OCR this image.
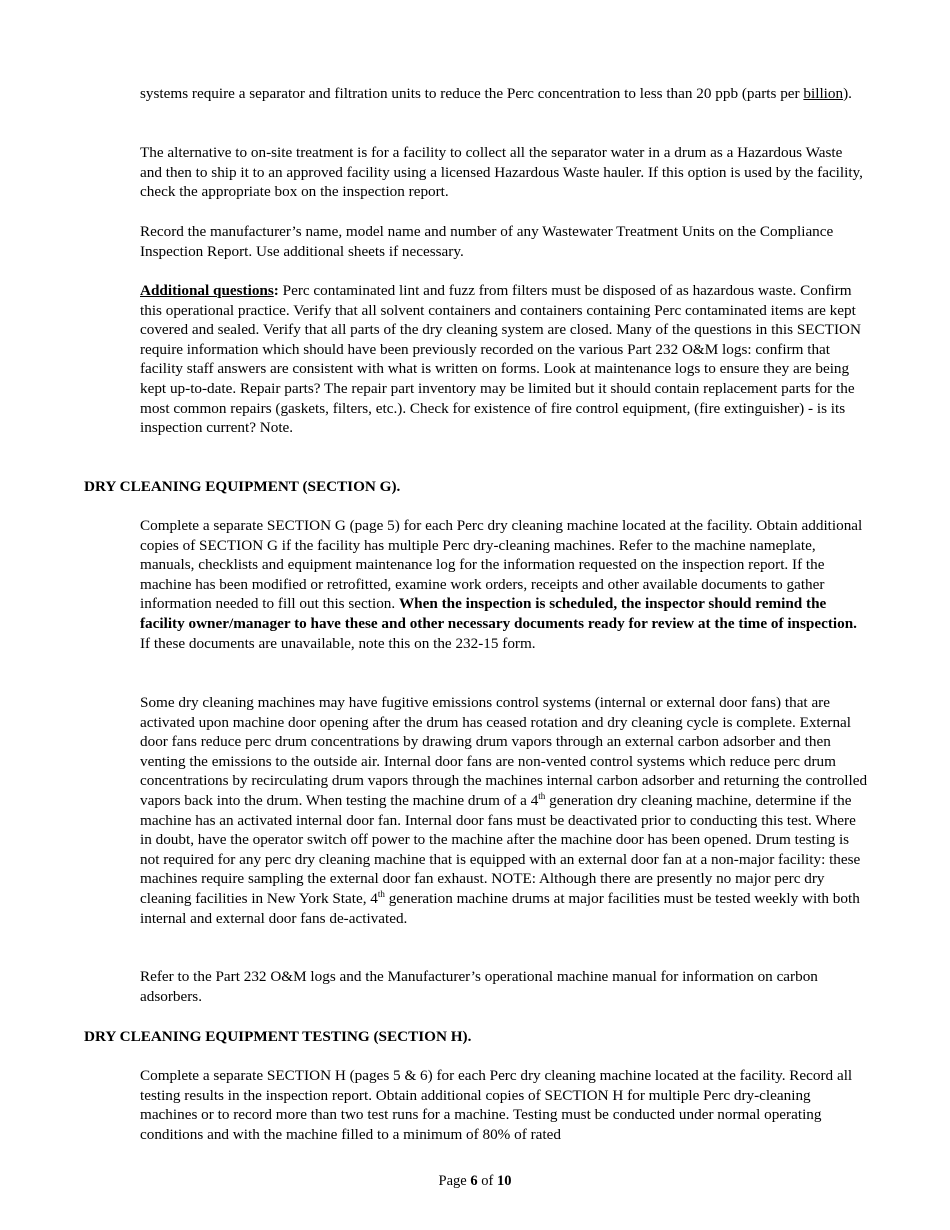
systems require a separator and filtration units to reduce the Perc concentration to less than 20 ppb (parts per billion).

The alternative to on-site treatment is for a facility to collect all the separator water in a drum as a Hazardous Waste and then to ship it to an approved facility using a licensed Hazardous Waste hauler. If this option is used by the facility, check the appropriate box on the inspection report.

Record the manufacturer’s name, model name and number of any Wastewater Treatment Units on the Compliance Inspection Report. Use additional sheets if necessary.

Additional questions: Perc contaminated lint and fuzz from filters must be disposed of as hazardous waste. Confirm this operational practice. Verify that all solvent containers and containers containing Perc contaminated items are kept covered and sealed. Verify that all parts of the dry cleaning system are closed. Many of the questions in this SECTION require information which should have been previously recorded on the various Part 232 O&M logs: confirm that facility staff answers are consistent with what is written on forms. Look at maintenance logs to ensure they are being kept up-to-date. Repair parts? The repair part inventory may be limited but it should contain replacement parts for the most common repairs (gaskets, filters, etc.). Check for existence of fire control equipment, (fire extinguisher) - is its inspection current? Note.

DRY CLEANING EQUIPMENT (SECTION G).

Complete a separate SECTION G (page 5) for each Perc dry cleaning machine located at the facility. Obtain additional copies of SECTION G if the facility has multiple Perc dry-cleaning machines. Refer to the machine nameplate, manuals, checklists and equipment maintenance log for the information requested on the inspection report. If the machine has been modified or retrofitted, examine work orders, receipts and other available documents to gather information needed to fill out this section. When the inspection is scheduled, the inspector should remind the facility owner/manager to have these and other necessary documents ready for review at the time of inspection. If these documents are unavailable, note this on the 232-15 form.

Some dry cleaning machines may have fugitive emissions control systems (internal or external door fans) that are activated upon machine door opening after the drum has ceased rotation and dry cleaning cycle is complete. External door fans reduce perc drum concentrations by drawing drum vapors through an external carbon adsorber and then venting the emissions to the outside air. Internal door fans are non-vented control systems which reduce perc drum concentrations by recirculating drum vapors through the machines internal carbon adsorber and returning the controlled vapors back into the drum. When testing the machine drum of a 4th generation dry cleaning machine, determine if the machine has an activated internal door fan. Internal door fans must be deactivated prior to conducting this test. Where in doubt, have the operator switch off power to the machine after the machine door has been opened. Drum testing is not required for any perc dry cleaning machine that is equipped with an external door fan at a non-major facility: these machines require sampling the external door fan exhaust. NOTE: Although there are presently no major perc dry cleaning facilities in New York State, 4th generation machine drums at major facilities must be tested weekly with both internal and external door fans de-activated.

Refer to the Part 232 O&M logs and the Manufacturer’s operational machine manual for information on carbon adsorbers.

DRY CLEANING EQUIPMENT TESTING (SECTION H).

Complete a separate SECTION H (pages 5 & 6) for each Perc dry cleaning machine located at the facility. Record all testing results in the inspection report. Obtain additional copies of SECTION H for multiple Perc dry-cleaning machines or to record more than two test runs for a machine. Testing must be conducted under normal operating conditions and with the machine filled to a minimum of 80% of rated

Page 6 of 10
